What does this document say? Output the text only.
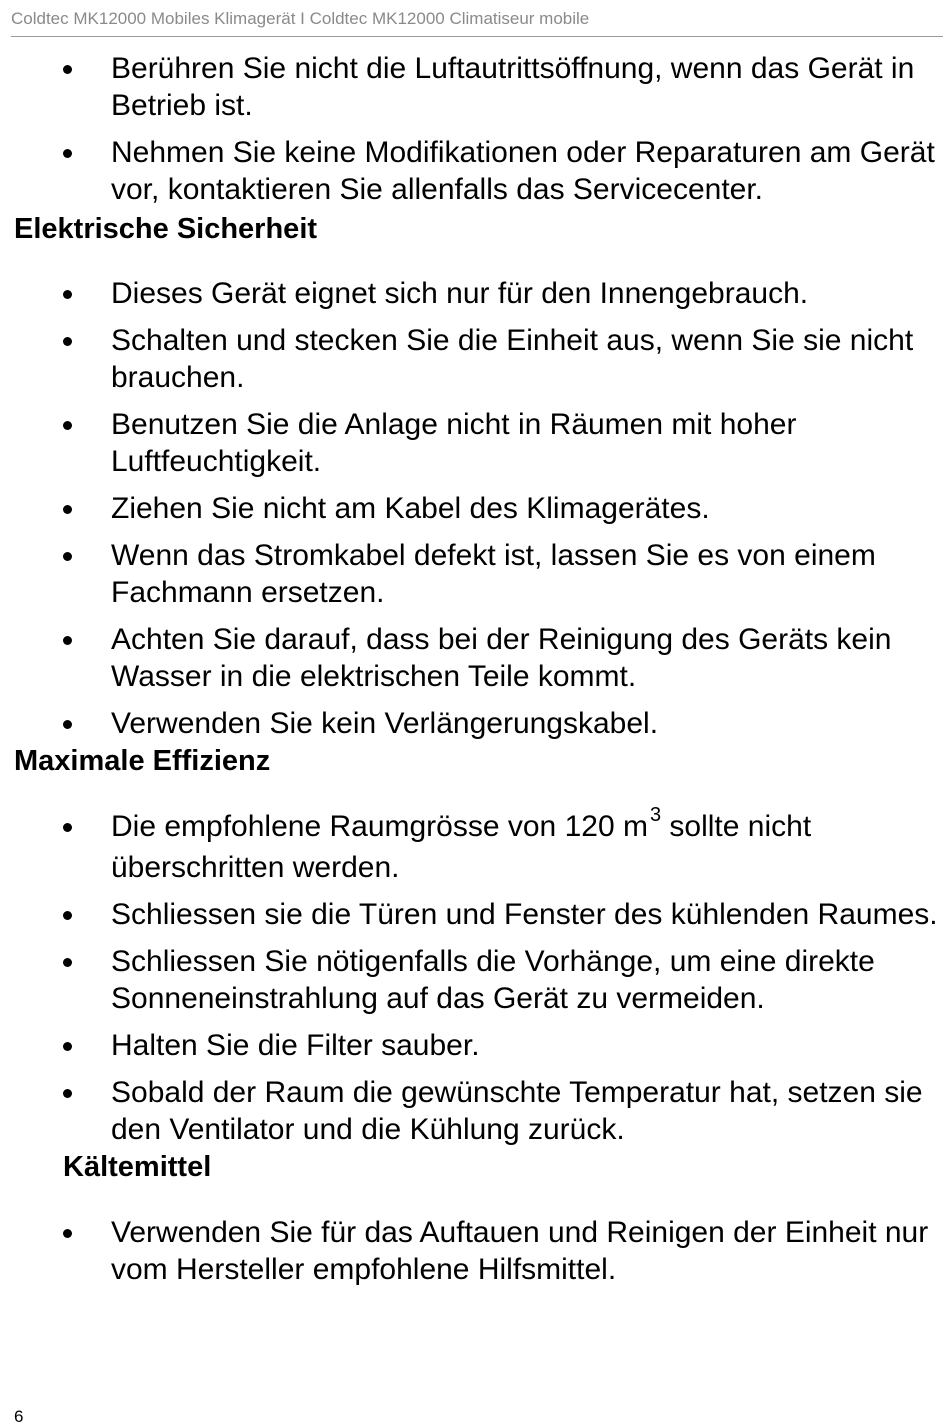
Coldtec MK12000 Mobiles Klimagerät I Coldtec MK12000 Climatiseur mobile
Berühren Sie nicht die Luftautrittsöffnung, wenn das Gerät in Betrieb ist.
Nehmen Sie keine Modifikationen oder Reparaturen am Gerät vor, kontaktieren Sie allenfalls das Servicecenter.
Elektrische Sicherheit
Dieses Gerät eignet sich nur für den Innengebrauch.
Schalten und stecken Sie die Einheit aus, wenn Sie sie nicht brauchen.
Benutzen Sie die Anlage nicht in Räumen mit hoher Luftfeuchtigkeit.
Ziehen Sie nicht am Kabel des Klimagerätes.
Wenn das Stromkabel defekt ist, lassen Sie es von einem Fachmann ersetzen.
Achten Sie darauf, dass bei der Reinigung des Geräts kein Wasser in die elektrischen Teile kommt.
Verwenden Sie kein Verlängerungskabel.
Maximale Effizienz
Die empfohlene Raumgrösse von 120 m $^3$ sollte nicht überschritten werden.
Schliessen sie die Türen und Fenster des kühlenden Raumes.
Schliessen Sie nötigenfalls die Vorhänge, um eine direkte Sonneneinstrahlung auf das Gerät zu vermeiden.
Halten Sie die Filter sauber.
Sobald der Raum die gewünschte Temperatur hat, setzen sie den Ventilator und die Kühlung zurück.
Kältemittel
Verwenden Sie für das Auftauen und Reinigen der Einheit nur vom Hersteller empfohlene Hilfsmittel.
6
